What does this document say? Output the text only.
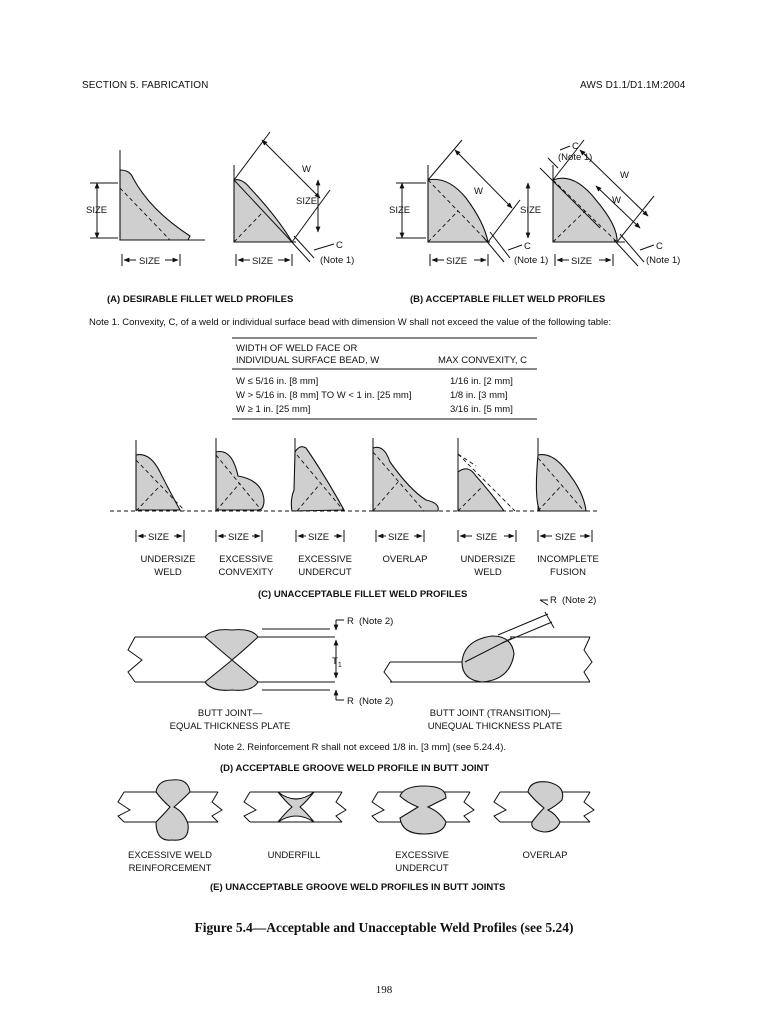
SECTION 5. FABRICATION	AWS D1.1/D1.1M:2004
SIZE
SIZE
W
SIZE
C
(Note 1)
SIZE
(A) DESIRABLE FILLET WELD PROFILES
W
SIZE
C
(Note 1)
SIZE
W
W
C
(Note 1)
SIZE
C
(Note 1)
SIZE
(B) ACCEPTABLE FILLET WELD PROFILES
Note 1. Convexity, C, of a weld or individual surface bead with dimension W shall not exceed the value of the following table:
WIDTH OF WELD FACE OR
INDIVIDUAL SURFACE BEAD, W	MAX CONVEXITY, C
W ≤ 5/16 in. [8 mm]	1/16 in. [2 mm]
W > 5/16 in. [8 mm] TO W < 1 in. [25 mm]	1/8 in. [3 mm]
W ≥ 1 in. [25 mm]	3/16 in. [5 mm]
SIZE	SIZE	SIZE	SIZE	SIZE	SIZE
UNDERSIZE
WELD
EXCESSIVE
CONVEXITY
EXCESSIVE
UNDERCUT
OVERLAP	UNDERSIZE
WELD
INCOMPLETE
FUSION
(C) UNACCEPTABLE FILLET WELD PROFILES
R (Note 2)
R (Note 2)
$T_1$
R (Note 2)
BUTT JOINT—
EQUAL THICKNESS PLATE
BUTT JOINT (TRANSITION)—
UNEQUAL THICKNESS PLATE
Note 2. Reinforcement R shall not exceed 1/8 in. [3 mm] (see 5.24.4).
(D) ACCEPTABLE GROOVE WELD PROFILE IN BUTT JOINT
EXCESSIVE WELD
REINFORCEMENT
UNDERFILL	EXCESSIVE
UNDERCUT
OVERLAP
(E) UNACCEPTABLE GROOVE WELD PROFILES IN BUTT JOINTS
Figure 5.4—Acceptable and Unacceptable Weld Profiles (see 5.24)
198
